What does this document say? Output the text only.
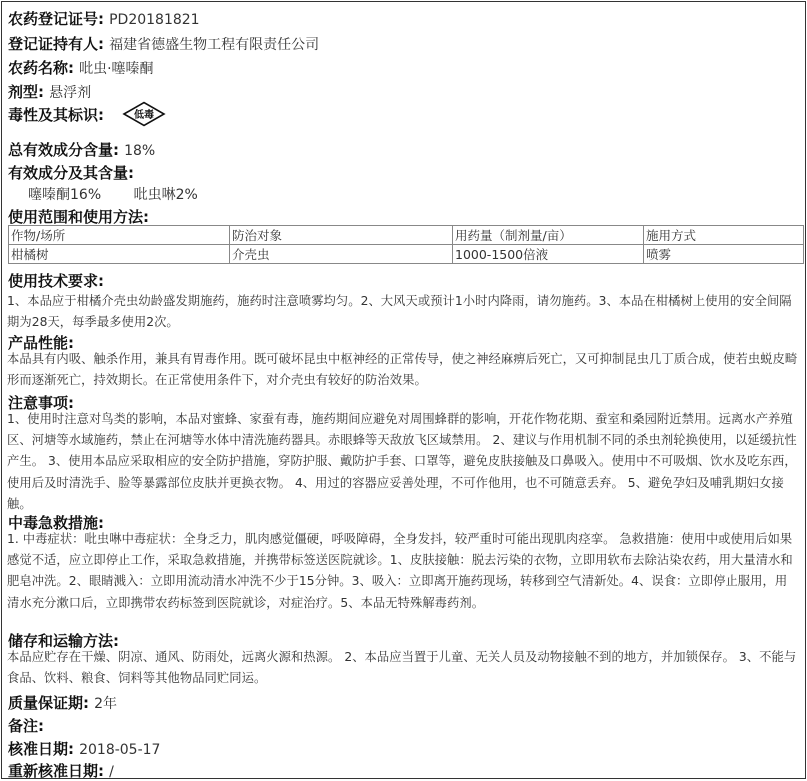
农药登记证号: PD20181821
登记证持有人: 福建省德盛生物工程有限责任公司
农药名称: 吡虫·噻嗪酮
剂型: 悬浮剂
毒性及其标识:	低毒
总有效成分含量: 18%
有效成分及其含量:
噻嗪酮16% 吡虫啉2%
使用范围和使用方法:
作物/场所	防治对象	用药量（制剂量/亩）	施用方式
柑橘树	介壳虫	1000-1500倍液	喷雾
使用技术要求:
1、本品应于柑橘介壳虫幼龄盛发期施药，施药时注意喷雾均匀。2、大风天或预计1小时内降雨，请勿施药。3、本品在柑橘树上使用的安全间隔期为28天，每季最多使用2次。
产品性能:
本品具有内吸、触杀作用，兼具有胃毒作用。既可破坏昆虫中枢神经的正常传导，使之神经麻痹后死亡，又可抑制昆虫几丁质合成，使若虫蜕皮畸形而逐渐死亡，持效期长。在正常使用条件下，对介壳虫有较好的防治效果。
注意事项:
1、使用时注意对鸟类的影响，本品对蜜蜂、家蚕有毒，施药期间应避免对周围蜂群的影响，开花作物花期、蚕室和桑园附近禁用。远离水产养殖区、河塘等水域施药，禁止在河塘等水体中清洗施药器具。赤眼蜂等天敌放飞区域禁用。 2、建议与作用机制不同的杀虫剂轮换使用，以延缓抗性产生。 3、使用本品应采取相应的安全防护措施，穿防护服、戴防护手套、口罩等，避免皮肤接触及口鼻吸入。使用中不可吸烟、饮水及吃东西，使用后及时清洗手、脸等暴露部位皮肤并更换衣物。 4、用过的容器应妥善处理，不可作他用，也不可随意丢弃。 5、避免孕妇及哺乳期妇女接触。
中毒急救措施:
1. 中毒症状：吡虫啉中毒症状：全身乏力，肌肉感觉僵硬，呼吸障碍，全身发抖，较严重时可能出现肌肉痉挛。 急救措施：使用中或使用后如果感觉不适，应立即停止工作，采取急救措施，并携带标签送医院就诊。1、皮肤接触：脱去污染的衣物，立即用软布去除沾染农药，用大量清水和肥皂冲洗。2、眼睛溅入：立即用流动清水冲洗不少于15分钟。3、吸入：立即离开施药现场，转移到空气清新处。4、误食：立即停止服用，用清水充分漱口后，立即携带农药标签到医院就诊，对症治疗。5、本品无特殊解毒药剂。
储存和运输方法:
本品应贮存在干燥、阴凉、通风、防雨处，远离火源和热源。 2、本品应当置于儿童、无关人员及动物接触不到的地方，并加锁保存。 3、不能与食品、饮料、粮食、饲料等其他物品同贮同运。
质量保证期: 2年
备注:
核准日期: 2018-05-17
重新核准日期: /
